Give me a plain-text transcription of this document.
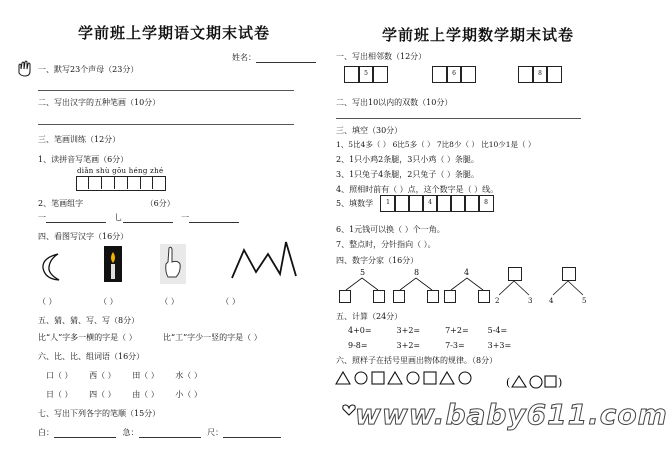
学前班上学期语文期末试卷
姓名：
一、默写23个声母（23分）
二、写出汉字的五种笔画（10分）
三、笔画训练（12分）
1、读拼音写笔画（6分）
diǎn shù gōu héng zhé
2、笔画组字	（6分）
一	乚	一
四、看图写汉字（16分）
（ ）	（ ）	（ ）	（ ）
五、猜、猜、写、写（8分）
比“人”字多一横的字是（ ）	比“工”字少一竖的字是（ ）
六、比、比、组词语（16分）
口（ ） 西（ ） 田（ ） 水（ ）
日（ ） 四（ ） 由（ ） 小（ ）
七、写出下列各字的笔顺（15分）
白：	急：	尺：
学前班上学期数学期末试卷
一、写出相邻数（12分）
5	6	8
二、写出10以内的双数（10分）
三、填空（30分）
1、5比4多（ ） 6比5多（ ） 7比8少（ ） 比10少1是（ ）
2、1只小鸡2条腿，3只小鸡（ ）条腿。
3、1只兔子4条腿，2只兔子（ ）条腿。
4、照相时前有（ ）点，这个数字是（ ）线。
5、填数学	1	4	8
6、1元钱可以换（ ）个一角。
7、整点时，分针指向（ ）。
四、数字分家（16分）
5	8	4
2	3 4	5
五、计算（24分）
4+0=	3+2=	7+2= 5-4=
9-8=	3+2=	7-3=	3+3=
六、照样子在括号里画出物体的规律。（8分）
(	)
www.baby611.com
